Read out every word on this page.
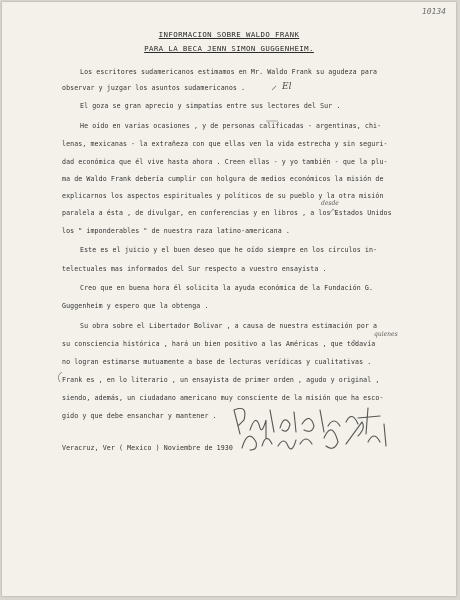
10134
INFORMACION SOBRE WALDO FRANK
PARA LA BECA JENN SIMON GUGGENHEIM.
Los escritores sudamericanos estimamos en Mr. Waldo Frank su agudeza para
observar y juzgar los asuntos sudamericanos .
El goza se gran aprecio y simpatías entre sus lectores del Sur .
He oído en varias ocasiones , y de personas calificadas - argentinas, chi-
lenas, mexicanas - la extrañeza con que ellas ven la vida estrecha y sin seguri-
dad económica que él vive hasta ahora . Creen ellas - y yo también - que la plu-
ma de Waldo Frank debería cumplir con holgura de medios económicos la misión de
explicarnos los aspectos espirituales y políticos de su pueblo y la otra misión
paralela a ésta , de divulgar, en conferencias y en libros , a los Estados Unidos
los " imponderables " de nuestra raza latino-americana .
Este es el juicio y el buen deseo que he oído siempre en los círculos in-
telectuales mas informados del Sur respecto a vuestro ensayista .
Creo que en buena hora él solicita la ayuda económica de la Fundación G.
Guggenheim y espero que la obtenga .
Su obra sobre el Libertador Bolivar , a causa de nuestra estimación por a
su consciencia histórica , hará un bien positivo a las Américas , que todavía
no logran estimarse mutuamente a base de lecturas verídicas y cualitativas .
Frank es , en lo literario , un ensayista de primer orden , agudo y original ,
siendo, además, un ciudadano americano muy consciente de la misión que ha esco-
gido y que debe ensanchar y mantener .
Veracruz, Ver ( Mexico ) Noviembre de 1930
El
desde
quienes
